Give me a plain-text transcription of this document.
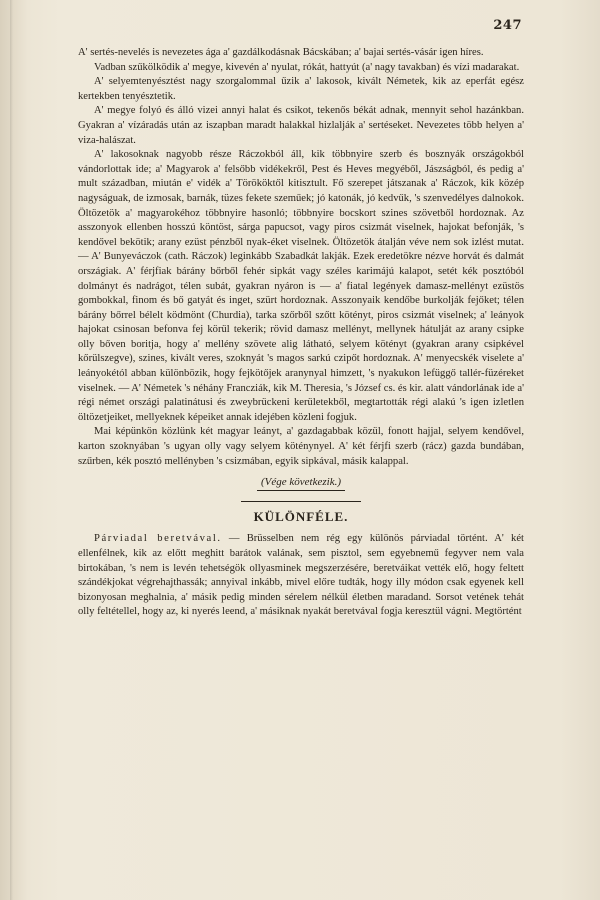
247

A' sertés-nevelés is nevezetes ága a' gazdálkodásnak Bácskában; a' bajai sertés-vásár igen híres.

Vadban szűkölködik a' megye, kivevén a' nyulat, rókát, hattyút (a' nagy tavakban) és vízi madarakat.

A' selyemtenyésztést nagy szorgalommal űzik a' lakosok, kivált Németek, kik az eperfát egész kertekben tenyésztetik.

A' megye folyó és álló vizei annyi halat és csikot, tekenős békát adnak, mennyit sehol hazánkban. Gyakran a' vízáradás után az iszapban maradt halakkal hizlalják a' sertéseket. Nevezetes több helyen a' viza-halászat.

A' lakosoknak nagyobb része Ráczokból áll, kik többnyire szerb és bosznyák országokból vándorlottak ide; a' Magyarok a' felsőbb vidékekről, Pest és Heves megyéből, Jászságból, és pedig a' mult században, miután e' vidék a' Törököktől kitisztult. Fő szerepet játszanak a' Ráczok, kik közép nagyságuak, de izmosak, barnák, tüzes fekete szeműek; jó katonák, jó kedvűk, 's szenvedélyes dalnokok. Öltözetök a' magyarokéhoz többnyire hasonló; többnyire bocskort szines szövetből hordoznak. Az asszonyok ellenben hosszú köntöst, sárga papucsot, vagy piros csizmát viselnek, hajokat befonják, 's kendővel bekötik; arany ezüst pénzből nyak-éket viselnek. Öltözetök átalján véve nem sok izlést mutat. — A' Bunyeváczok (cath. Ráczok) leginkább Szabadkát lakják. Ezek eredetökre nézve horvát és dalmát országiak. A' férjfiak bárány bőrből fehér sipkát vagy széles karimájú kalapot, setét kék posztóból dolmányt és nadrágot, télen subát, gyakran nyáron is — a' fiatal legények damasz-mellényt ezüstös gombokkal, finom és bő gatyát és inget, szürt hordoznak. Asszonyaik kendőbe burkolják fejőket; télen bárány bőrrel bélelt ködmönt (Churdia), tarka szőrből szőtt kötényt, piros csizmát viselnek; a' leányok hajokat csinosan befonva fej körül tekerik; rövid damasz mellényt, mellynek hátulját az arany csipke olly bőven boritja, hogy a' mellény szövete alig látható, selyem kötényt (gyakran arany csipkével kőrülszegve), szines, kivált veres, szoknyát 's magos sarkú czipőt hordoznak. A' menyecskék viselete a' leányokétól abban különbözik, hogy fejkötőjek aranynyal himzett, 's nyakukon lefüggő tallér-füzéreket viselnek. — A' Németek 's néhány Francziák, kik M. Theresia, 's József cs. és kir. alatt vándorlának ide a' régi német országi palatinátusi és zweybrückeni kerületekből, megtartották régi alakú 's igen izletlen öltözetjeiket, mellyeknek képeiket annak idejében közleni fogjuk.

Mai képünkön közlünk két magyar leányt, a' gazdagabbak közül, fonott hajjal, selyem kendővel, karton szoknyában 's ugyan olly vagy selyem köténynyel. A' két férjfi szerb (rácz) gazda bundában, szűrben, kék posztó mellényben 's csizmában, egyik sipkával, másik kalappal.

(Vége következik.)
KÜLÖNFÉLE.

Párviadal beretvával. — Brüsselben nem rég egy különös párviadal történt. A' két ellenfélnek, kik az előtt meghitt barátok valának, sem pisztol, sem egyebnemű fegyver nem vala birtokában, 's nem is levén tehetségök ollyasminek megszerzésére, beretváikat vették elő, hogy feltett szándékjokat végrehajthassák; annyival inkább, mivel előre tudták, hogy illy módon csak egyenek kell bizonyosan meghalnia, a' másik pedig minden sérelem nélkül életben maradand. Sorsot vetének tehát olly feltétellel, hogy az, ki nyerés leend, a' másiknak nyakát beretvával fogja keresztül vágni. Megtörtént
